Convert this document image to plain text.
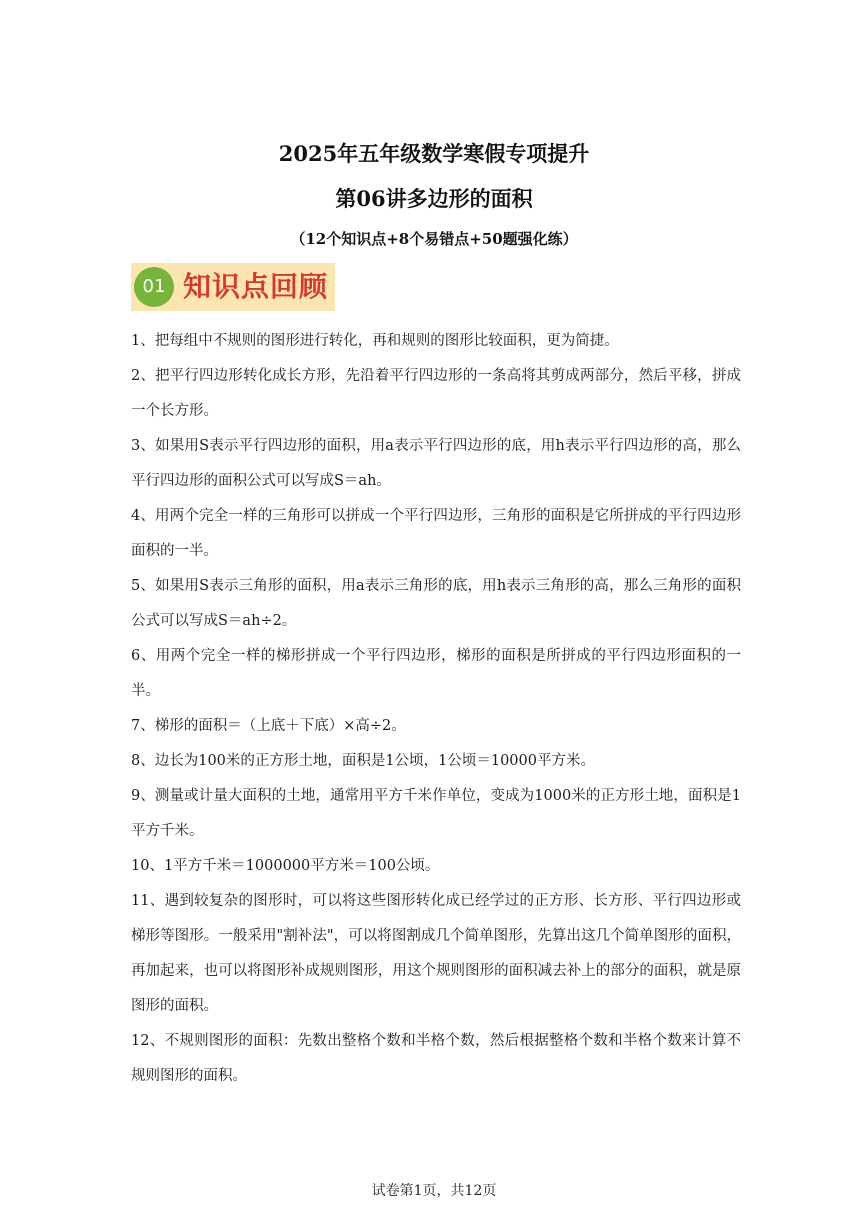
2025年五年级数学寒假专项提升
第06讲多边形的面积
（12个知识点+8个易错点+50题强化练）
01 知识点回顾
1、把每组中不规则的图形进行转化，再和规则的图形比较面积，更为简捷。
2、把平行四边形转化成长方形，先沿着平行四边形的一条高将其剪成两部分，然后平移，拼成一个长方形。
3、如果用S表示平行四边形的面积，用a表示平行四边形的底，用h表示平行四边形的高，那么平行四边形的面积公式可以写成S＝ah。
4、用两个完全一样的三角形可以拼成一个平行四边形，三角形的面积是它所拼成的平行四边形面积的一半。
5、如果用S表示三角形的面积，用a表示三角形的底，用h表示三角形的高，那么三角形的面积公式可以写成S＝ah÷2。
6、用两个完全一样的梯形拼成一个平行四边形，梯形的面积是所拼成的平行四边形面积的一半。
7、梯形的面积＝（上底＋下底）×高÷2。
8、边长为100米的正方形土地，面积是1公顷，1公顷＝10000平方米。
9、测量或计量大面积的土地，通常用平方千米作单位，变成为1000米的正方形土地，面积是1平方千米。
10、1平方千米＝1000000平方米＝100公顷。
11、遇到较复杂的图形时，可以将这些图形转化成已经学过的正方形、长方形、平行四边形或梯形等图形。一般采用"割补法"，可以将图割成几个简单图形，先算出这几个简单图形的面积，再加起来，也可以将图形补成规则图形，用这个规则图形的面积减去补上的部分的面积，就是原图形的面积。
12、不规则图形的面积：先数出整格个数和半格个数，然后根据整格个数和半格个数来计算不规则图形的面积。
试卷第1页，共12页
